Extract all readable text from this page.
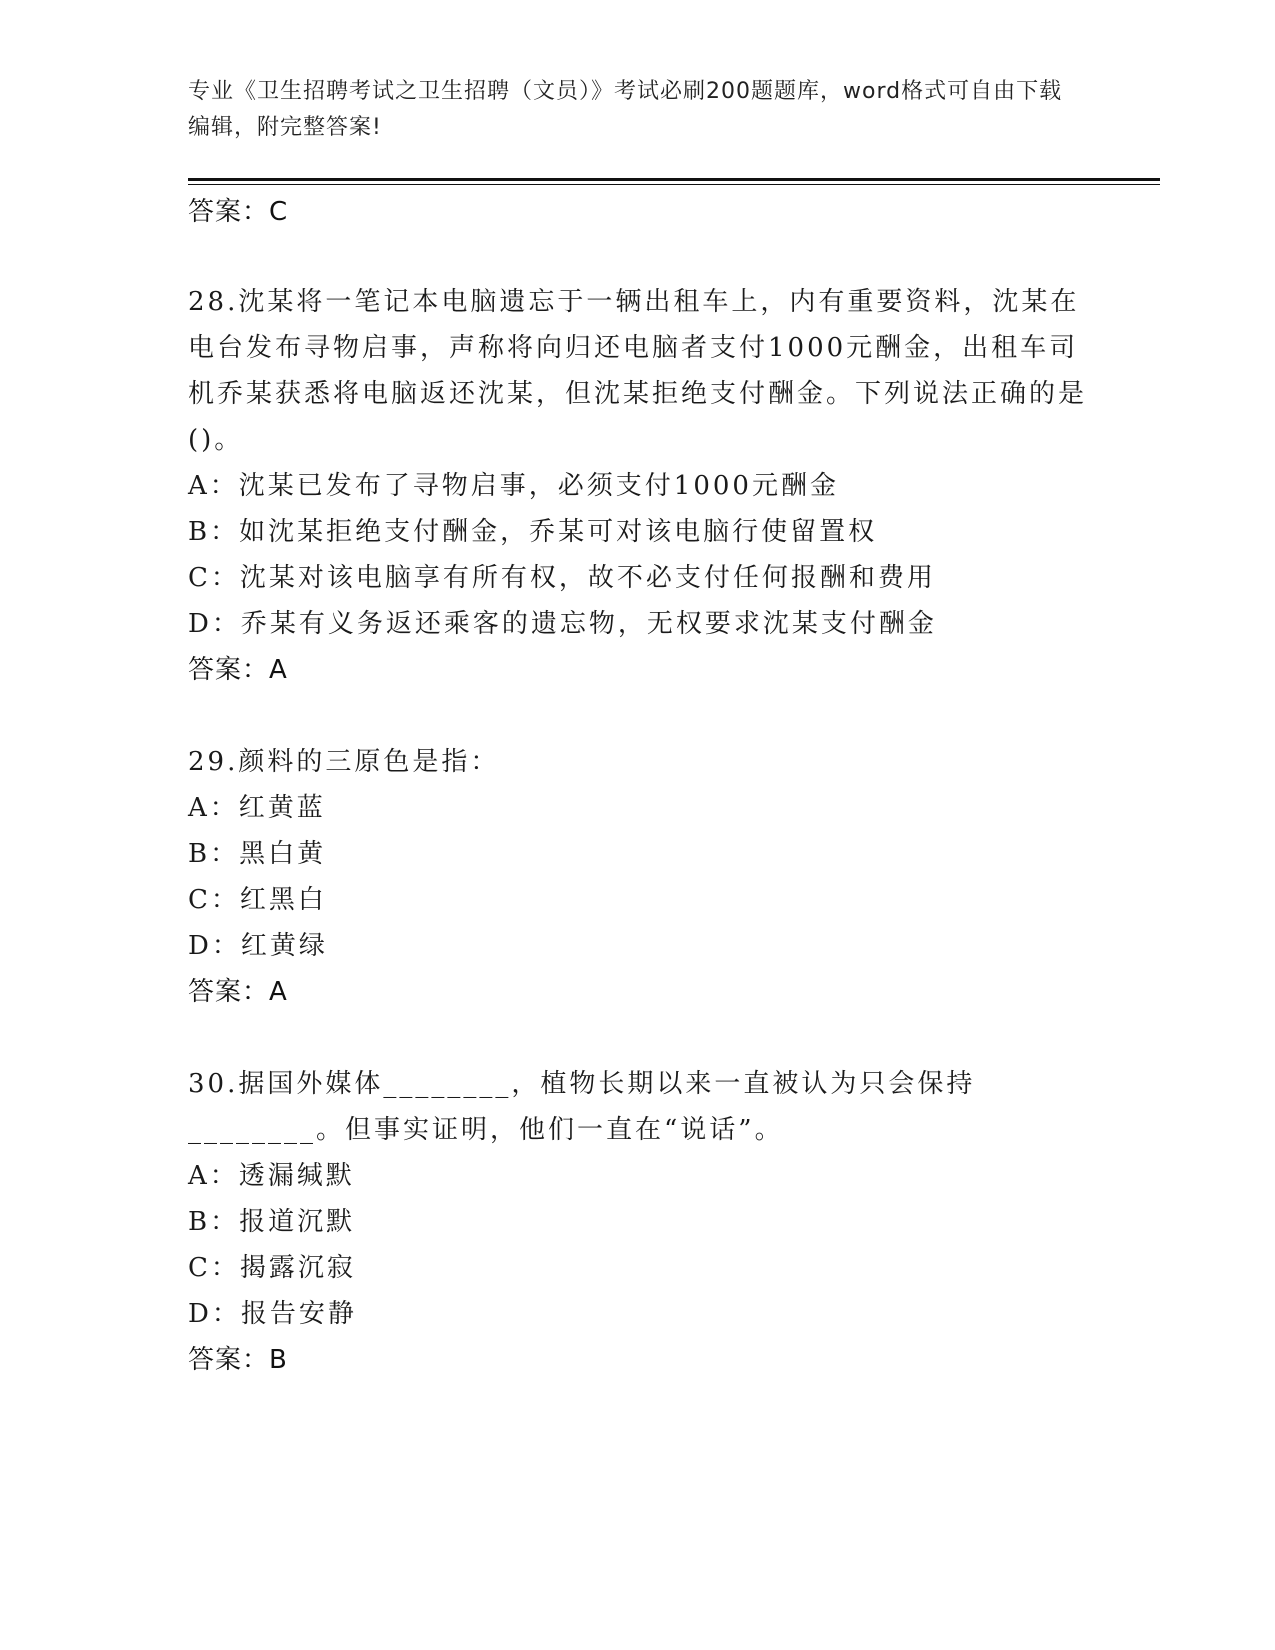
专业《卫生招聘考试之卫生招聘（文员）》考试必刷200题题库，word格式可自由下载编辑，附完整答案!
答案：C
28.沈某将一笔记本电脑遗忘于一辆出租车上，内有重要资料，沈某在电台发布寻物启事，声称将向归还电脑者支付1000元酬金，出租车司机乔某获悉将电脑返还沈某，但沈某拒绝支付酬金。下列说法正确的是()。
A：沈某已发布了寻物启事，必须支付1000元酬金
B：如沈某拒绝支付酬金，乔某可对该电脑行使留置权
C：沈某对该电脑享有所有权，故不必支付任何报酬和费用
D：乔某有义务返还乘客的遗忘物，无权要求沈某支付酬金
答案：A
29.颜料的三原色是指：
A：红黄蓝
B：黑白黄
C：红黑白
D：红黄绿
答案：A
30.据国外媒体________，植物长期以来一直被认为只会保持________。但事实证明，他们一直在“说话”。
A：透漏缄默
B：报道沉默
C：揭露沉寂
D：报告安静
答案：B
